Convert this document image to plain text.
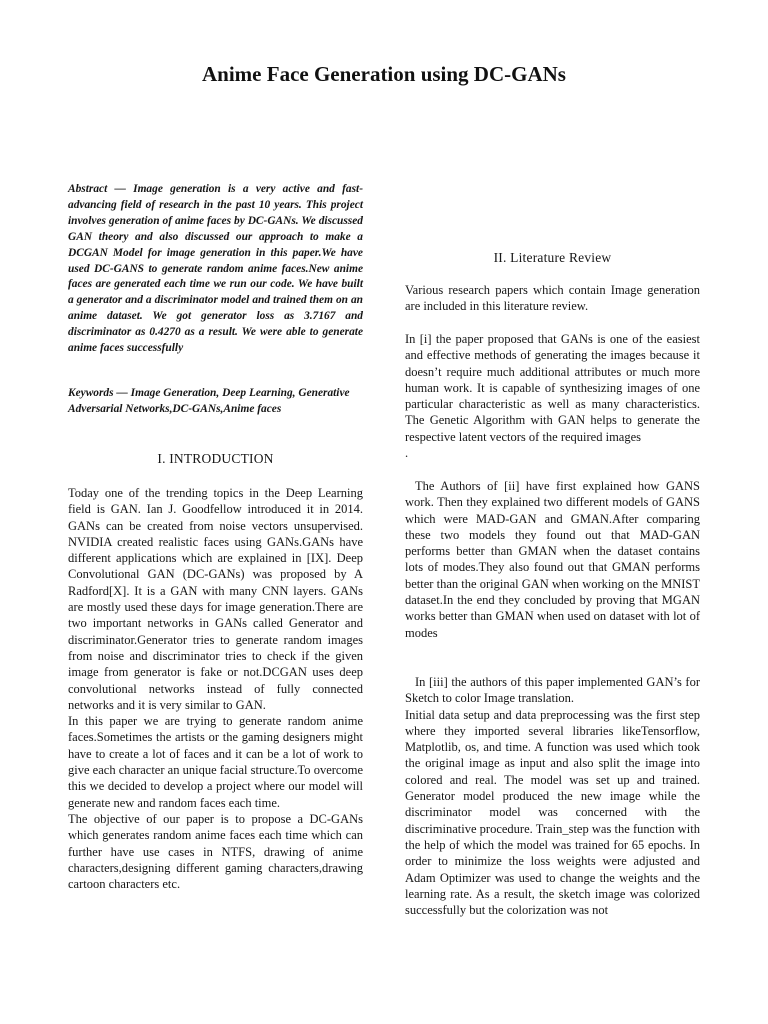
Anime Face Generation using DC-GANs
Abstract — Image generation is a very active and fast-advancing field of research in the past 10 years. This project involves generation of anime faces by DC-GANs. We discussed GAN theory and also discussed our approach to make a DCGAN Model for image generation in this paper.We have used DC-GANS to generate random anime faces.New anime faces are generated each time we run our code. We have built a generator and a discriminator model and trained them on an anime dataset. We got generator loss as 3.7167 and discriminator as 0.4270 as a result. We were able to generate anime faces successfully
Keywords — Image Generation, Deep Learning, Generative Adversarial Networks,DC-GANs,Anime faces
I. INTRODUCTION

Today one of the trending topics in the Deep Learning field is GAN. Ian J. Goodfellow introduced it in 2014. GANs can be created from noise vectors unsupervised. NVIDIA created realistic faces using GANs.GANs have different applications which are explained in [IX]. Deep Convolutional GAN (DC-GANs) was proposed by A Radford[X]. It is a GAN with many CNN layers. GANs are mostly used these days for image generation.There are two important networks in GANs called Generator and discriminator.Generator tries to generate random images from noise and discriminator tries to check if the given image from generator is fake or not.DCGAN uses deep convolutional networks instead of fully connected networks and it is very similar to GAN.

In this paper we are trying to generate random anime faces.Sometimes the artists or the gaming designers might have to create a lot of faces and it can be a lot of work to give each character an unique facial structure.To overcome this we decided to develop a project where our model will generate new and random faces each time.

The objective of our paper is to propose a DC-GANs which generates random anime faces each time which can further have use cases in NTFS, drawing of anime characters,designing different gaming characters,drawing cartoon characters etc.

II. Literature Review

Various research papers which contain Image generation are included in this literature review.

In [i] the paper proposed that GANs is one of the easiest and effective methods of generating the images because it doesn’t require much additional attributes or much more human work. It is capable of synthesizing images of one particular characteristic as well as many characteristics. The Genetic Algorithm with GAN helps to generate the respective latent vectors of the required images

.

The Authors of [ii] have first explained how GANS work. Then they explained two different models of GANS which were MAD-GAN and GMAN.After comparing these two models they found out that MAD-GAN performs better than GMAN when the dataset contains lots of modes.They also found out that GMAN performs better than the original GAN when working on the MNIST dataset.In the end they concluded by proving that MGAN works better than GMAN when used on dataset with lot of modes

In [iii] the authors of this paper implemented GAN’s for Sketch to color Image translation.

Initial data setup and data preprocessing was the first step where they imported several libraries likeTensorflow, Matplotlib, os, and time. A function was used which took the original image as input and also split the image into colored and real. The model was set up and trained. Generator model produced the new image while the discriminator model was concerned with the discriminative procedure. Train_step was the function with the help of which the model was trained for 65 epochs. In order to minimize the loss weights were adjusted and Adam Optimizer was used to change the weights and the learning rate. As a result, the sketch image was colorized successfully but the colorization was not
